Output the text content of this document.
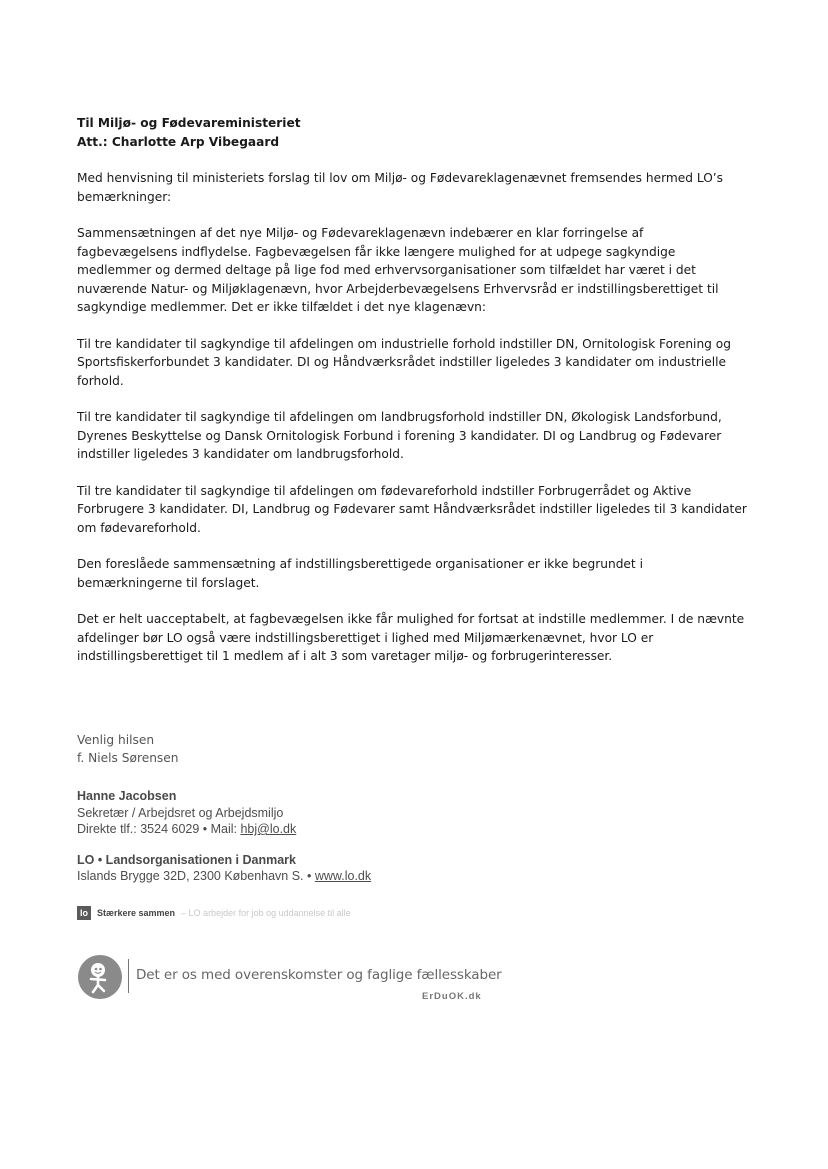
Til Miljø- og Fødevareministeriet
Att.: Charlotte Arp Vibegaard

Med henvisning til ministeriets forslag til lov om Miljø- og Fødevareklagenævnet fremsendes hermed LO’s bemærkninger:

Sammensætningen af det nye Miljø- og Fødevareklagenævn indebærer en klar forringelse af fagbevægelsens indflydelse. Fagbevægelsen får ikke længere mulighed for at udpege sagkyndige medlemmer og dermed deltage på lige fod med erhvervsorganisationer som tilfældet har været i det nuværende Natur- og Miljøklagenævn, hvor Arbejderbevægelsens Erhvervsråd er indstillingsberettiget til sagkyndige medlemmer. Det er ikke tilfældet i det nye klagenævn:

Til tre kandidater til sagkyndige til afdelingen om industrielle forhold indstiller DN, Ornitologisk Forening og Sportsfiskerforbundet 3 kandidater. DI og Håndværksrådet indstiller ligeledes 3 kandidater om industrielle forhold.

Til tre kandidater til sagkyndige til afdelingen om landbrugsforhold indstiller DN, Økologisk Landsforbund, Dyrenes Beskyttelse og Dansk Ornitologisk Forbund i forening 3 kandidater. DI og Landbrug og Fødevarer indstiller ligeledes 3 kandidater om landbrugsforhold.

Til tre kandidater til sagkyndige til afdelingen om fødevareforhold indstiller Forbrugerrådet og Aktive Forbrugere 3 kandidater. DI, Landbrug og Fødevarer samt Håndværksrådet indstiller ligeledes til 3 kandidater om fødevareforhold.

Den foreslåede sammensætning af indstillingsberettigede organisationer er ikke begrundet i bemærkningerne til forslaget.

Det er helt uacceptabelt, at fagbevægelsen ikke får mulighed for fortsat at indstille medlemmer. I de nævnte afdelinger bør LO også være indstillingsberettiget i lighed med Miljømærkenævnet, hvor LO er indstillingsberettiget til 1 medlem af i alt 3 som varetager miljø- og forbrugerinteresser.

Venlig hilsen
f. Niels Sørensen
Hanne Jacobsen
Sekretær / Arbejdsret og Arbejdsmiljo
Direkte tlf.: 3524 6029 • Mail: hbj@lo.dk
LO • Landsorganisationen i Danmark
Islands Brygge 32D, 2300 København S. • www.lo.dk
lo	Stærkere sammen – LO arbejder for job og uddannelse til alle
Det er os med overenskomster og faglige fællesskaber
ErDuOK.dk
